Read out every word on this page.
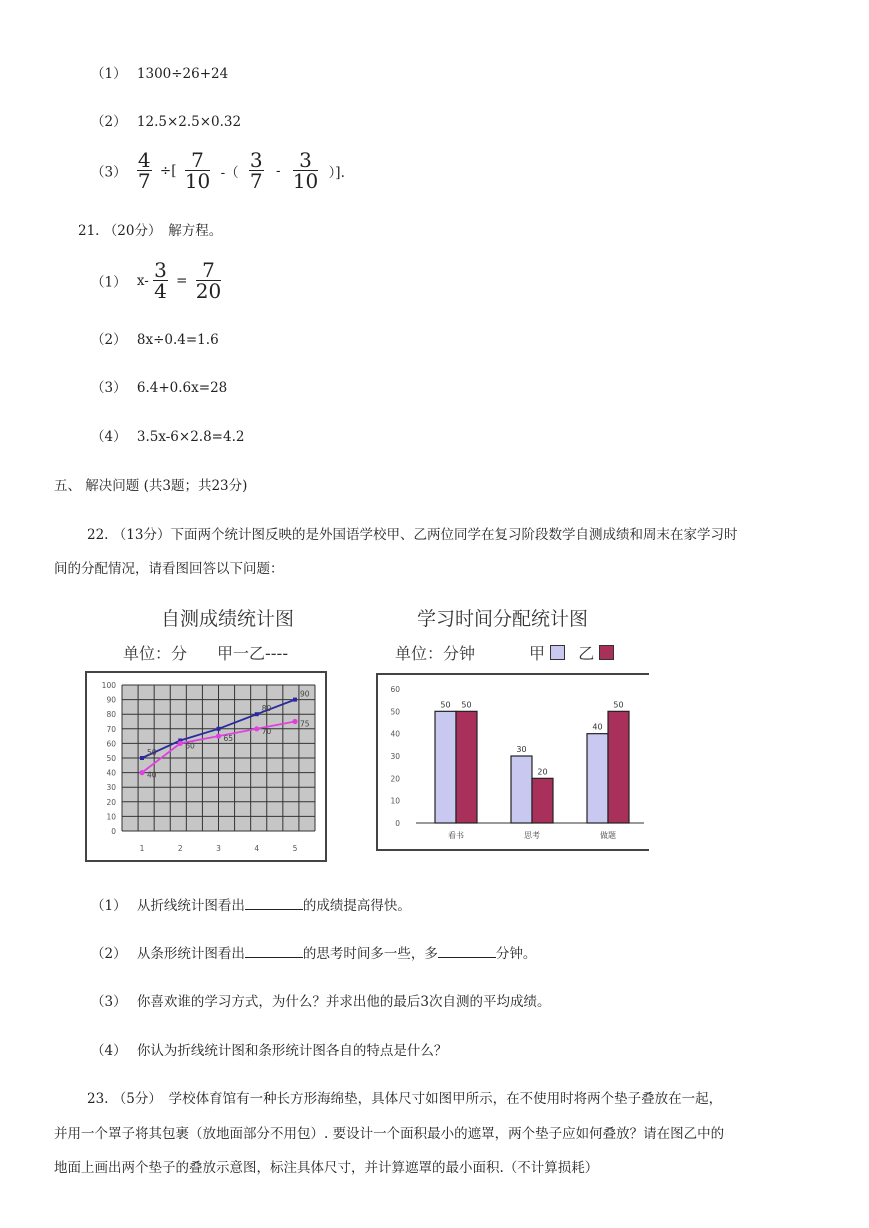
（1） 1300÷26+24
（2） 12.5×2.5×0.32
$(3) \frac{4}{7}$ ÷[ $\frac{7}{10}$ -（ $\frac{3}{7} - \frac{3}{10}$ ）].
21. （20分）　解方程。
（1） $x- \frac{3}{4} = \frac{7}{20}$
（2） 8x÷0.4=1.6
（3） 6.4+0.6x=28
（4） 3.5x-6×2.8=4.2
五、 解决问题 (共3题；共23分)
22. （13分）下面两个统计图反映的是外国语学校甲、乙两位同学在复习阶段数学自测成绩和周末在家学习时
间的分配情况，请看图回答以下问题：
自测成绩统计图
单位：分 甲一乙----
0
10
20
30
40
50
60
70
80
90
100
1	2	3	4	5
50
80
90
40
60
65
70
75
学习时间分配统计图
单位：分钟	甲 乙
0
10
20
30
40
50
60
50 50
看书
30
20
思考
40
50
做题
（1） 从折线统计图看出	的成绩提高得快。
（2） 从条形统计图看出	的思考时间多一些，多	分钟。
（3） 你喜欢谁的学习方式，为什么？并求出他的最后3次自测的平均成绩。
（4） 你认为折线统计图和条形统计图各自的特点是什么？
23. （5分）　学校体育馆有一种长方形海绵垫，具体尺寸如图甲所示，在不使用时将两个垫子叠放在一起，
并用一个罩子将其包裹（放地面部分不用包）. 要设计一个面积最小的遮罩，两个垫子应如何叠放？请在图乙中的
地面上画出两个垫子的叠放示意图，标注具体尺寸，并计算遮罩的最小面积.（不计算损耗）
